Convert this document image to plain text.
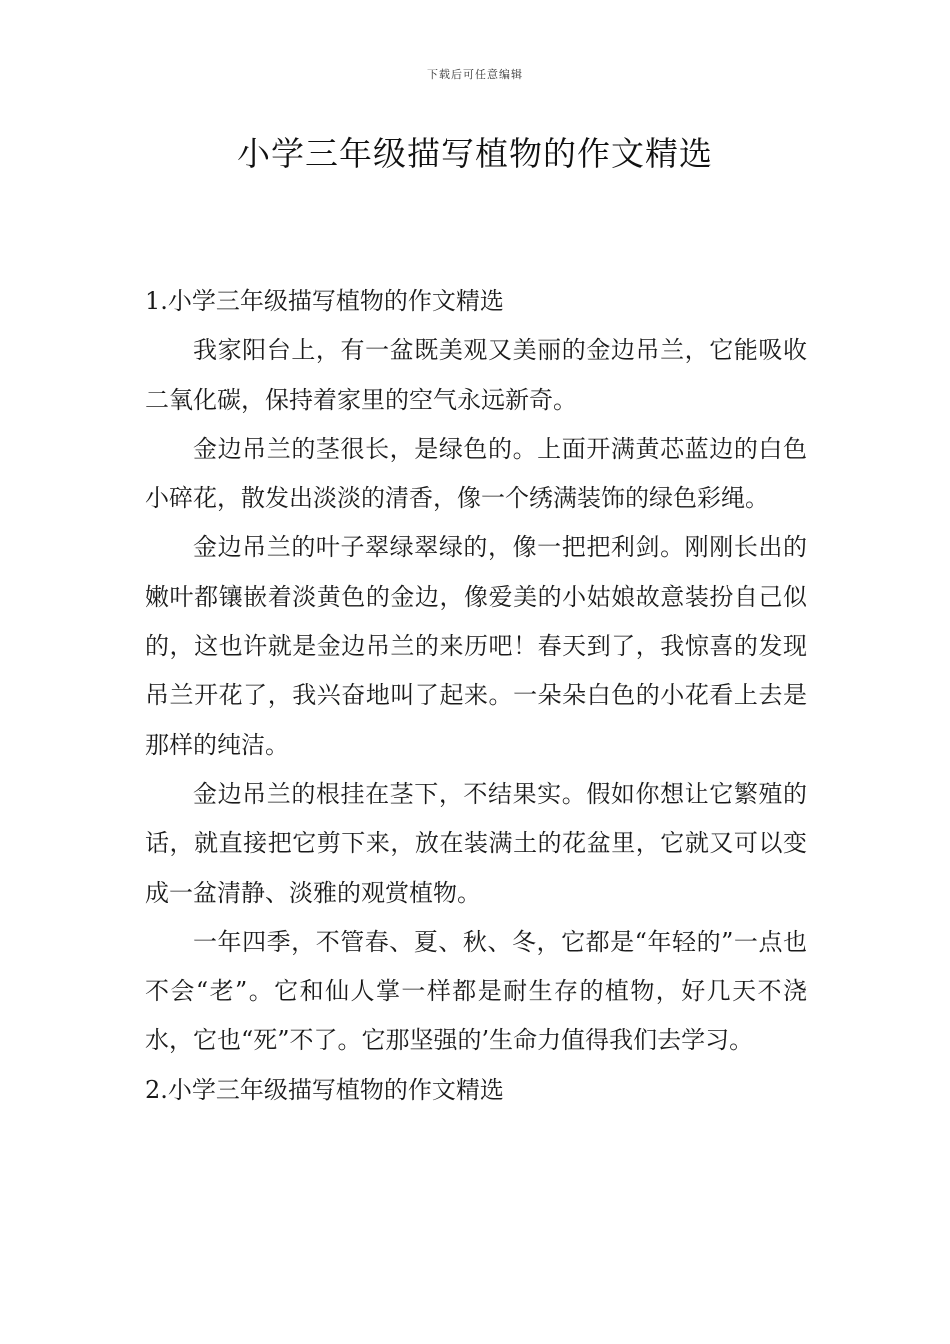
下载后可任意编辑
小学三年级描写植物的作文精选

1.小学三年级描写植物的作文精选

我家阳台上，有一盆既美观又美丽的金边吊兰，它能吸收二氧化碳，保持着家里的空气永远新奇。

金边吊兰的茎很长，是绿色的。上面开满黄芯蓝边的白色小碎花，散发出淡淡的清香，像一个绣满装饰的绿色彩绳。

金边吊兰的叶子翠绿翠绿的，像一把把利剑。刚刚长出的嫩叶都镶嵌着淡黄色的金边，像爱美的小姑娘故意装扮自己似的，这也许就是金边吊兰的来历吧！春天到了，我惊喜的发现吊兰开花了，我兴奋地叫了起来。一朵朵白色的小花看上去是那样的纯洁。

金边吊兰的根挂在茎下，不结果实。假如你想让它繁殖的话，就直接把它剪下来，放在装满土的花盆里，它就又可以变成一盆清静、淡雅的观赏植物。

一年四季，不管春、夏、秋、冬，它都是“年轻的”一点也不会“老”。它和仙人掌一样都是耐生存的植物，好几天不浇水，它也“死”不了。它那坚强的’生命力值得我们去学习。

2.小学三年级描写植物的作文精选
